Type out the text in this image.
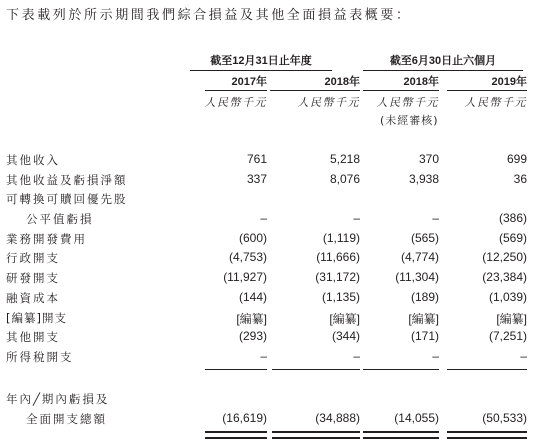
下表載列於所示期間我們綜合損益及其他全面損益表概要：
截至12月31日止年度	截至6月30日止六個月
2017年	2018年	2018年	2019年
人民幣千元	人民幣千元 人民幣千元 人民幣千元
(未經審核)
其他收入	761	5,218	370	699
其他收益及虧損淨額	337	8,076	3,938	36
可轉換可贖回優先股
公平值虧損	–	–	–	(386)
業務開發費用	(600)	(1,119)	(565)	(569)
行政開支	(4,753)	(11,666)	(4,774)	(12,250)
研發開支	(11,927)	(31,172)	(11,304)	(23,384)
融資成本	(144)	(1,135)	(189)	(1,039)
[編纂]開支	[編纂]	[編纂]	[編纂]	[編纂]
其他開支	(293)	(344)	(171)	(7,251)
所得稅開支	–	–	–	–
年內╱期內虧損及
全面開支總額	(16,619)	(34,888)	(14,055)	(50,533)
